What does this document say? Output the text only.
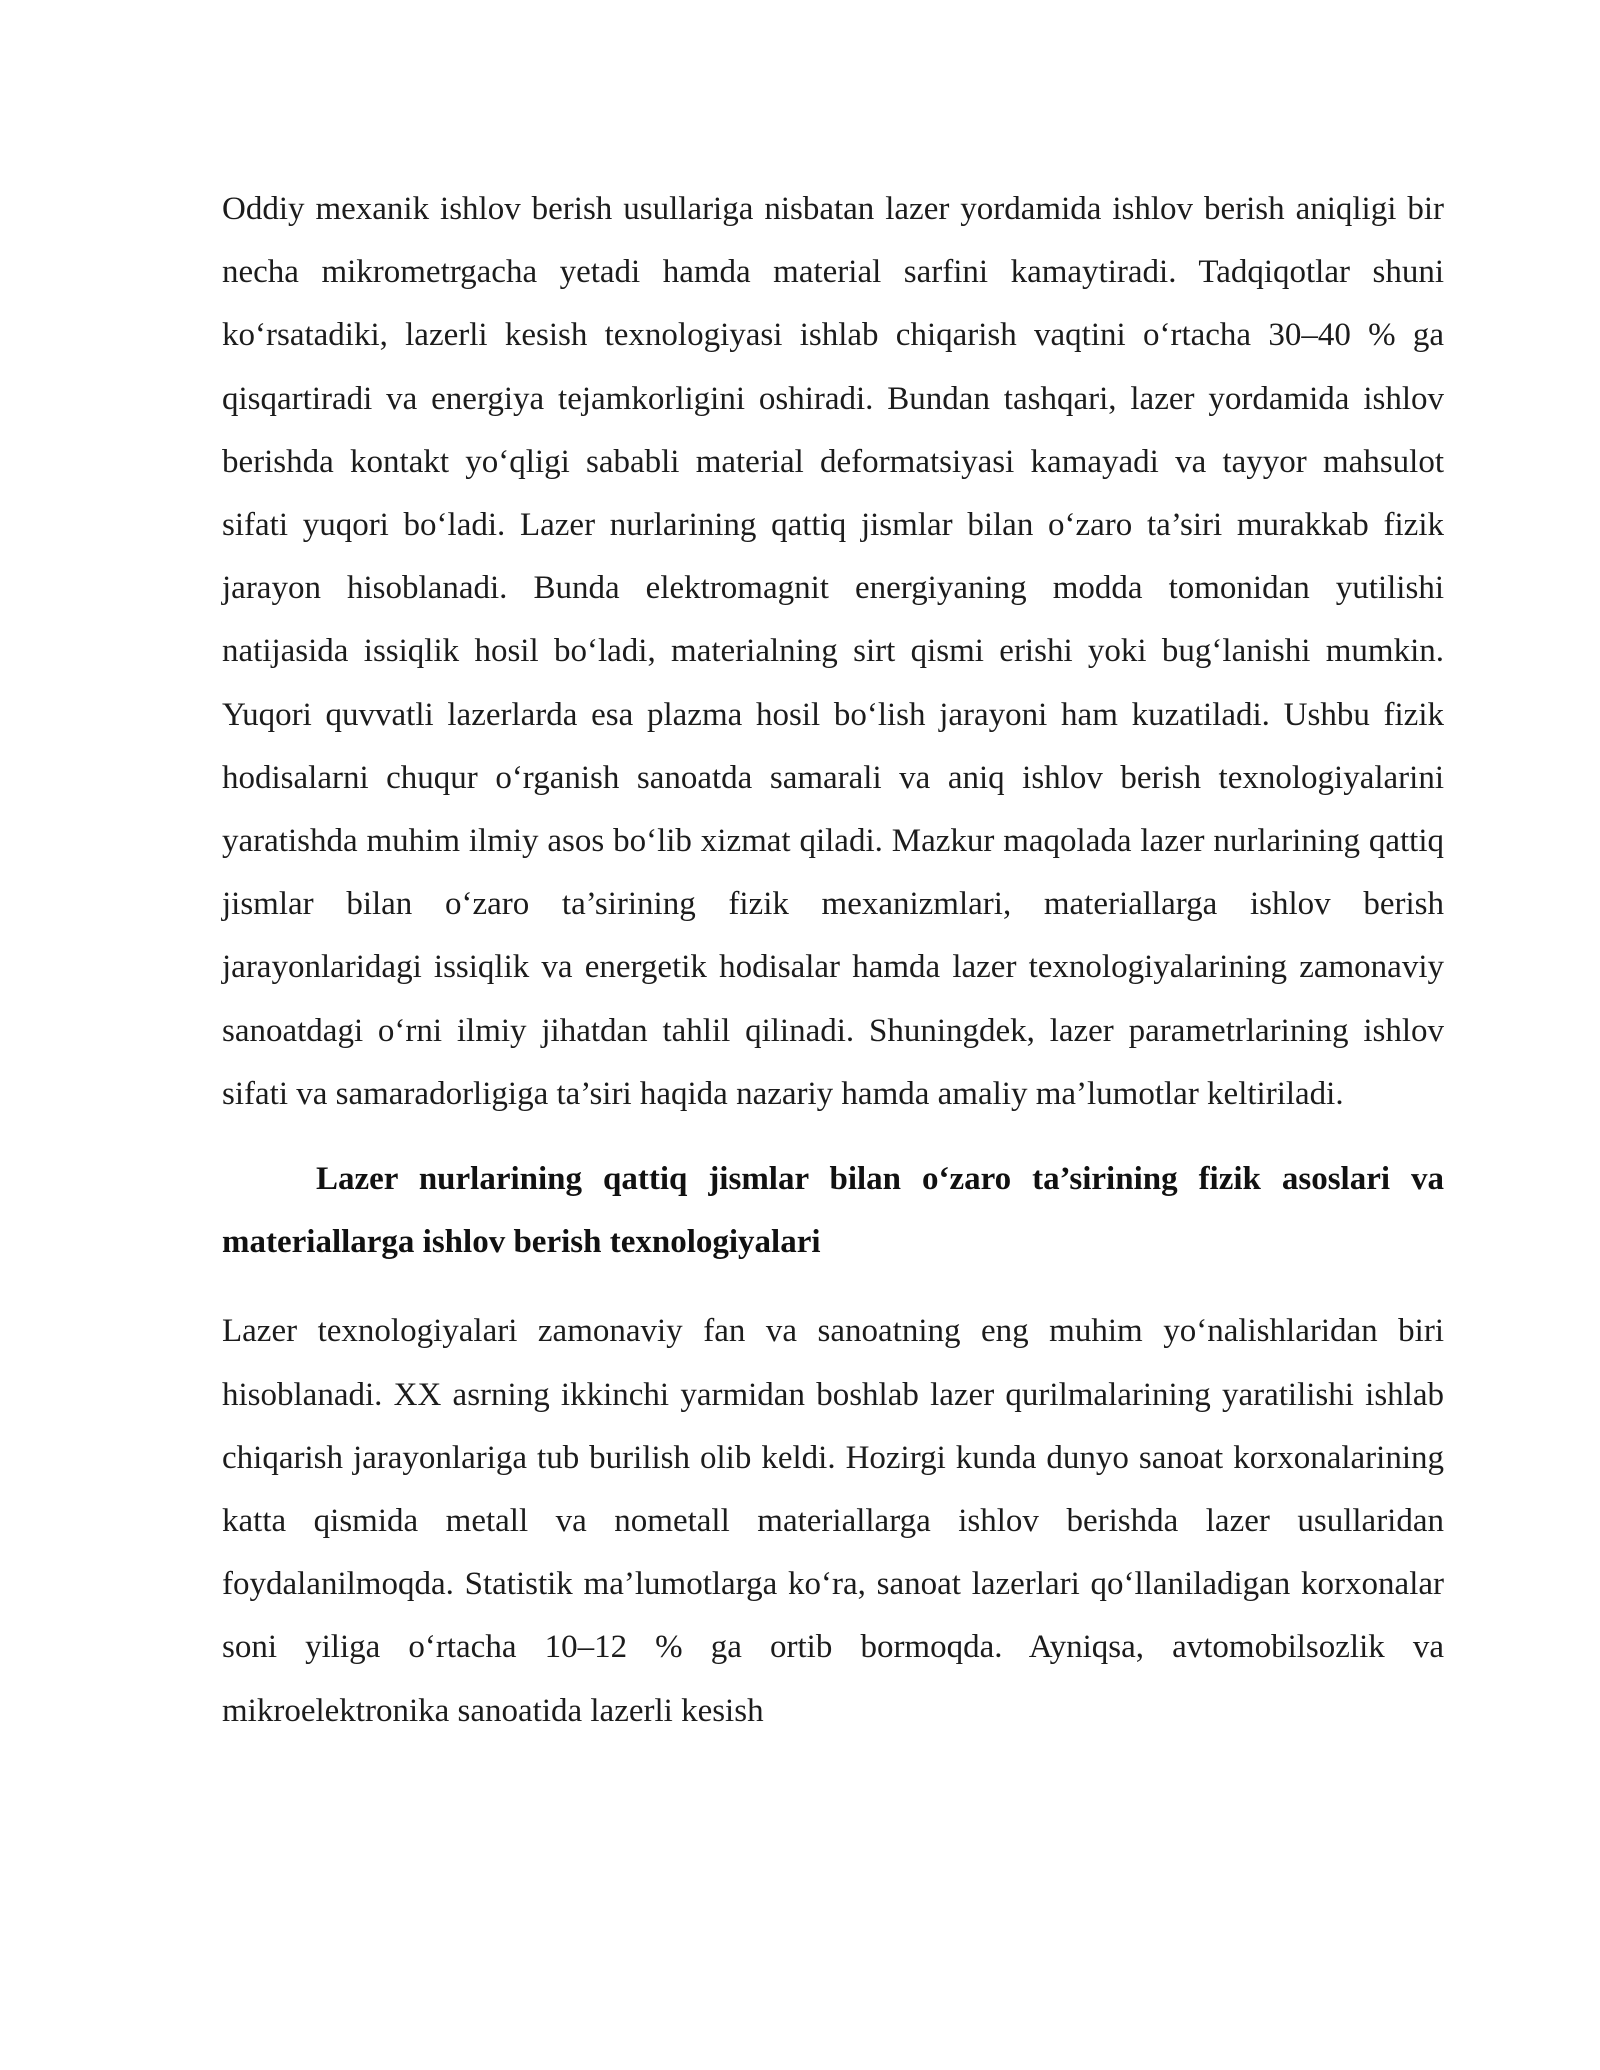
Oddiy mexanik ishlov berish usullariga nisbatan lazer yordamida ishlov berish aniqligi bir necha mikrometrgacha yetadi hamda material sarfini kamaytiradi. Tadqiqotlar shuni ko‘rsatadiki, lazerli kesish texnologiyasi ishlab chiqarish vaqtini o‘rtacha 30–40 % ga qisqartiradi va energiya tejamkorligini oshiradi. Bundan tashqari, lazer yordamida ishlov berishda kontakt yo‘qligi sababli material deformatsiyasi kamayadi va tayyor mahsulot sifati yuqori bo‘ladi. Lazer nurlarining qattiq jismlar bilan o‘zaro ta’siri murakkab fizik jarayon hisoblanadi. Bunda elektromagnit energiyaning modda tomonidan yutilishi natijasida issiqlik hosil bo‘ladi, materialning sirt qismi erishi yoki bug‘lanishi mumkin. Yuqori quvvatli lazerlarda esa plazma hosil bo‘lish jarayoni ham kuzatiladi. Ushbu fizik hodisalarni chuqur o‘rganish sanoatda samarali va aniq ishlov berish texnologiyalarini yaratishda muhim ilmiy asos bo‘lib xizmat qiladi. Mazkur maqolada lazer nurlarining qattiq jismlar bilan o‘zaro ta’sirining fizik mexanizmlari, materiallarga ishlov berish jarayonlaridagi issiqlik va energetik hodisalar hamda lazer texnologiyalarining zamonaviy sanoatdagi o‘rni ilmiy jihatdan tahlil qilinadi. Shuningdek, lazer parametrlarining ishlov sifati va samaradorligiga ta’siri haqida nazariy hamda amaliy ma’lumotlar keltiriladi.

Lazer nurlarining qattiq jismlar bilan o‘zaro ta’sirining fizik asoslari va materiallarga ishlov berish texnologiyalari

Lazer texnologiyalari zamonaviy fan va sanoatning eng muhim yo‘nalishlaridan biri hisoblanadi. XX asrning ikkinchi yarmidan boshlab lazer qurilmalarining yaratilishi ishlab chiqarish jarayonlariga tub burilish olib keldi. Hozirgi kunda dunyo sanoat korxonalarining katta qismida metall va nometall materiallarga ishlov berishda lazer usullaridan foydalanilmoqda. Statistik ma’lumotlarga ko‘ra, sanoat lazerlari qo‘llaniladigan korxonalar soni yiliga o‘rtacha 10–12 % ga ortib bormoqda. Ayniqsa, avtomobilsozlik va mikroelektronika sanoatida lazerli kesish
